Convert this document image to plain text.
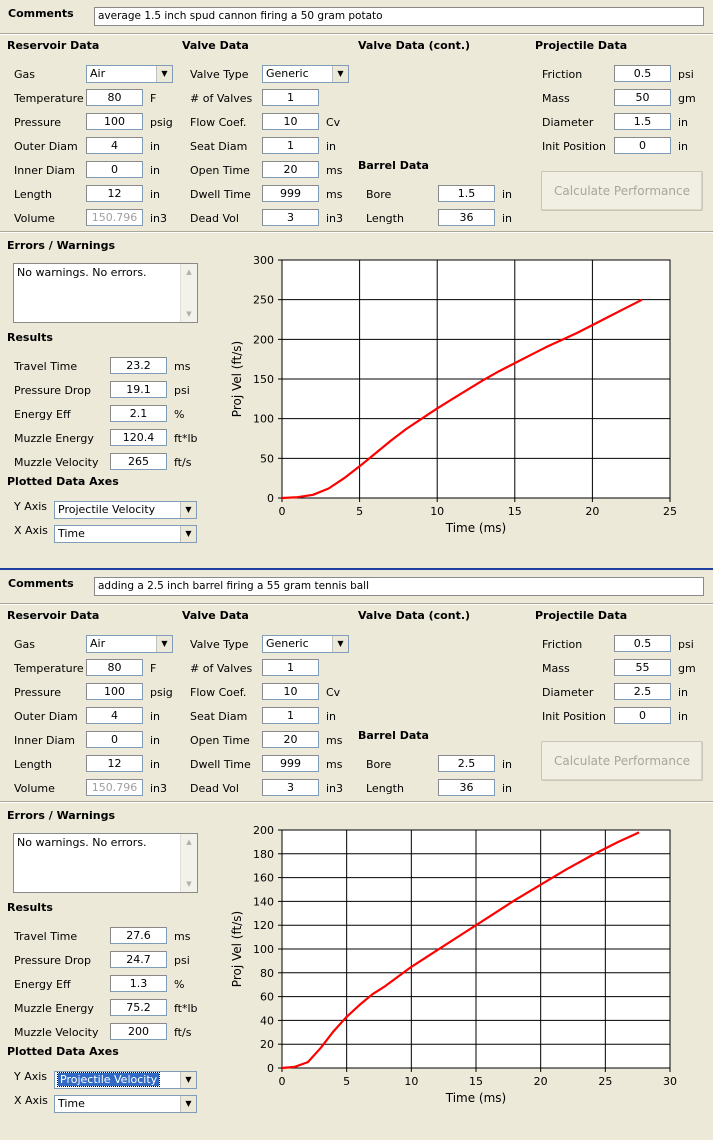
Comments	average 1.5 inch spud cannon firing a 50 gram potato
Reservoir Data	Valve Data	Valve Data (cont.)	Projectile Data
Gas	Air	▼
Temperature	80	F
Pressure	100	psig
Outer Diam	4	in
Inner Diam	0	in
Length	12	in
Volume	150.796	in3
Valve Type	Generic	▼
# of Valves	1
Flow Coef.	10	Cv
Seat Diam	1	in
Open Time	20	ms
Dwell Time	999	ms
Dead Vol	3	in3
Barrel Data
Bore	1.5	in
Length	36	in
Friction	0.5	psi
Mass	50	gm
Diameter	1.5	in
Init Position	0	in
Calculate Performance
Errors / Warnings
No warnings. No errors.	▲
▼
Results
Travel Time	23.2	ms
Pressure Drop	19.1	psi
Energy Eff	2.1	%
Muzzle Energy	120.4	ft*lb
Muzzle Velocity	265	ft/s
Plotted Data Axes
Y Axis Projectile Velocity	▼
X Axis Time	▼
0	5	10	15	20	25
0
50
100
150
200
250
300
Time (ms)
Proj Vel (ft/s)
Comments	adding a 2.5 inch barrel firing a 55 gram tennis ball
Reservoir Data	Valve Data	Valve Data (cont.)	Projectile Data
Gas	Air	▼
Temperature	80	F
Pressure	100	psig
Outer Diam	4	in
Inner Diam	0	in
Length	12	in
Volume	150.796	in3
Valve Type	Generic	▼
# of Valves	1
Flow Coef.	10	Cv
Seat Diam	1	in
Open Time	20	ms
Dwell Time	999	ms
Dead Vol	3	in3
Barrel Data
Bore	2.5	in
Length	36	in
Friction	0.5	psi
Mass	55	gm
Diameter	2.5	in
Init Position	0	in
Calculate Performance
Errors / Warnings
No warnings. No errors.	▲
▼
Results
Travel Time	27.6	ms
Pressure Drop	24.7	psi
Energy Eff	1.3	%
Muzzle Energy	75.2	ft*lb
Muzzle Velocity	200	ft/s
Plotted Data Axes
Y Axis	Projectile Velocity	▼
X Axis Time	▼
0	5	10	15	20	25	30
0
20
40
60
80
100
120
140
160
180
200
Time (ms)
Proj Vel (ft/s)
